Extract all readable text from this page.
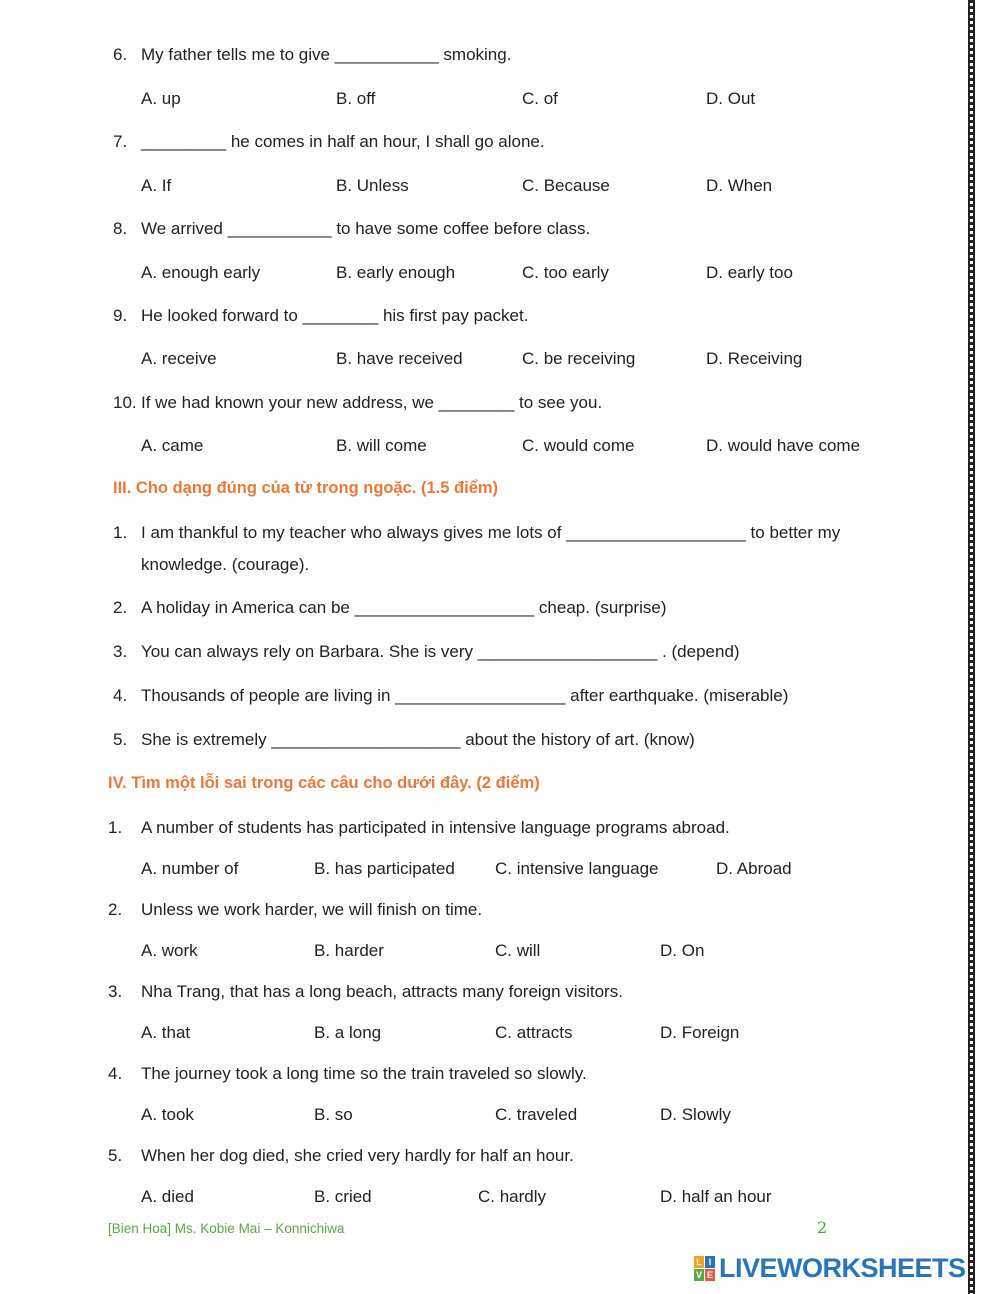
6. My father tells me to give ___________ smoking.
A. up	B. off	C. of	D. Out
7. _________ he comes in half an hour, I shall go alone.
A. If	B. Unless	C. Because	D. When
8. We arrived ___________ to have some coffee before class.
A. enough early	B. early enough	C. too early	D. early too
9. He looked forward to ________ his first pay packet.
A. receive	B. have received	C. be receiving	D. Receiving
10. If we had known your new address, we ________ to see you.
A. came	B. will come	C. would come	D. would have come
III. Cho dạng đúng của từ trong ngoặc. (1.5 điểm)
1. I am thankful to my teacher who always gives me lots of ___________________ to better my
knowledge. (courage).
2. A holiday in America can be ___________________ cheap. (surprise)
3. You can always rely on Barbara. She is very ___________________ . (depend)
4. Thousands of people are living in __________________ after earthquake. (miserable)
5. She is extremely ____________________ about the history of art. (know)
IV. Tìm một lỗi sai trong các câu cho dưới đây. (2 điểm)
1. A number of students has participated in intensive language programs abroad.
A. number of	B. has participated C. intensive language	D. Abroad
2. Unless we work harder, we will finish on time.
A. work	B. harder	C. will	D. On
3. Nha Trang, that has a long beach, attracts many foreign visitors.
A. that	B. a long	C. attracts	D. Foreign
4. The journey took a long time so the train traveled so slowly.
A. took	B. so	C. traveled	D. Slowly
5. When her dog died, she cried very hardly for half an hour.
A. died	B. cried	C. hardly	D. half an hour
[Bien Hoa] Ms. Kobie Mai – Konnichiwa	2
L I
V E LIVEWORKSHEETS
